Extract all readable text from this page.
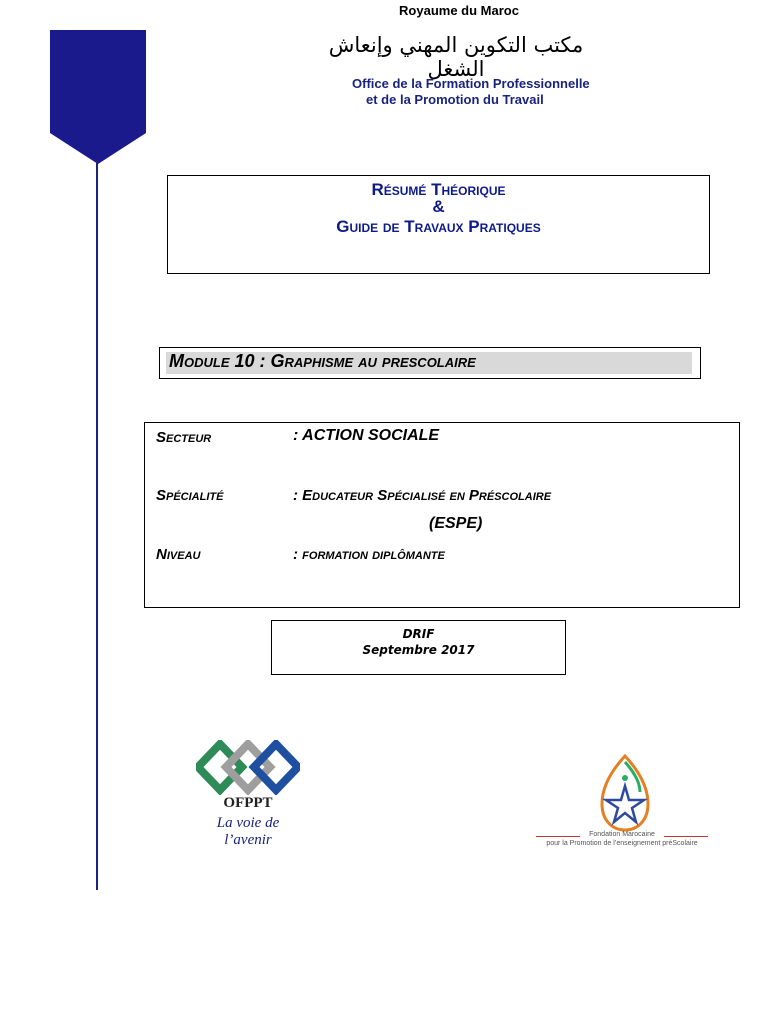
Royaume du Maroc
مكتب التكوين المهني وإنعاش الشغل
Office de la Formation Professionnelle
et de la Promotion du Travail
Résumé Théorique
&
Guide de Travaux Pratiques
Module 10 : Graphisme au prescolaire
Secteur	: ACTION SOCIALE
Spécialité	: Educateur Spécialisé en Préscolaire
(ESPE)
Niveau	: formation diplômante
DRIF
Septembre 2017
OFPPT
La voie de
l’avenir	Fondation Marocaine
pour la Promotion de l’enseignement préScolaire
